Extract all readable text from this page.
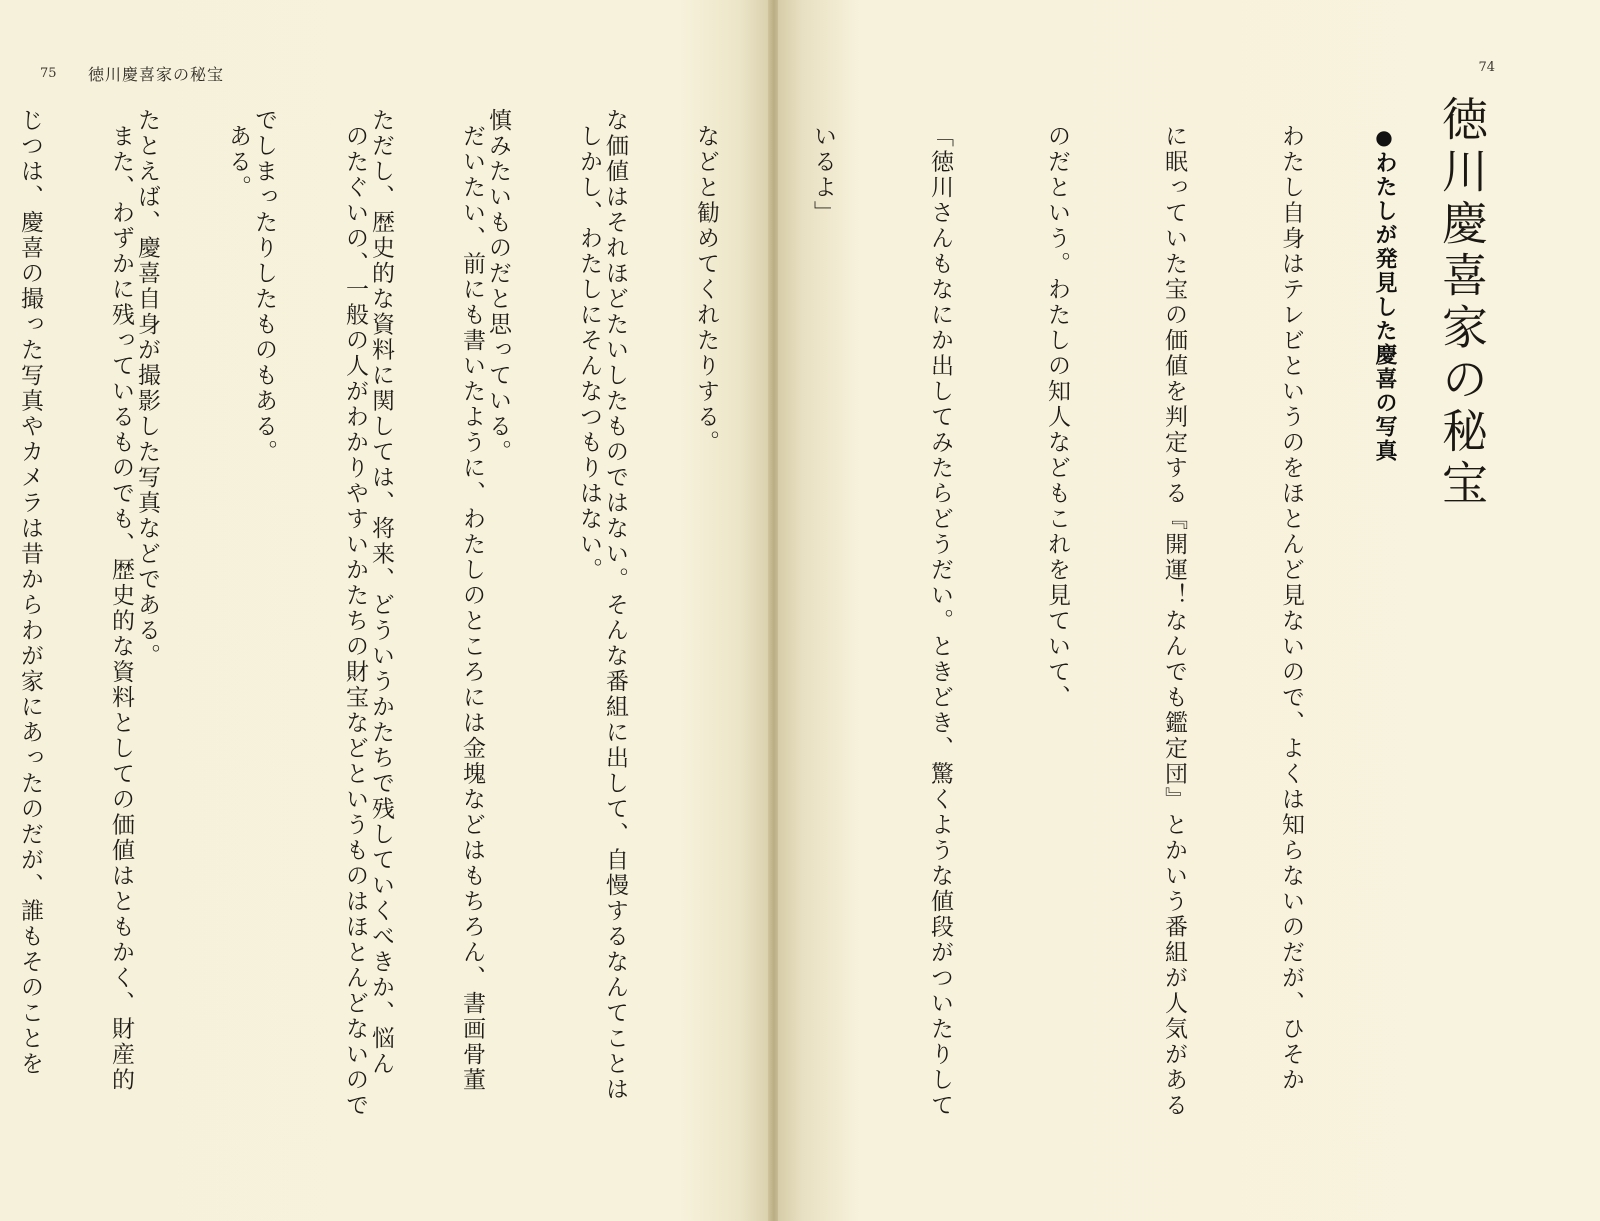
75 徳川慶喜家の秘宝

な価値はそれほどたいしたものではない。そんな番組に出して、自慢するなんてことは

慎みたいものだと思っている。

ただし、歴史的な資料に関しては、将来、どういうかたちで残していくべきか、悩ん

でしまったりしたものもある。

たとえば、慶喜自身が撮影した写真などである。

じつは、慶喜の撮った写真やカメラは昔からわが家にあったのだが、誰もそのことを

74
徳川慶喜家の秘宝
●わたしが発見した慶喜の写真

わたし自身はテレビというのをほとんど見ないので、よくは知らないのだが、ひそか

に眠っていた宝の価値を判定する『開運！なんでも鑑定団』とかいう番組が人気がある

のだという。わたしの知人などもこれを見ていて、

「徳川さんもなにか出してみたらどうだい。ときどき、驚くような値段がついたりして

いるよ」

などと勧めてくれたりする。

しかし、わたしにそんなつもりはない。

だいたい、前にも書いたように、わたしのところには金塊などはもちろん、書画骨董

のたぐいの、一般の人がわかりやすいかたちの財宝などというものはほとんどないので

ある。

また、わずかに残っているものでも、歴史的な資料としての価値はともかく、財産的
